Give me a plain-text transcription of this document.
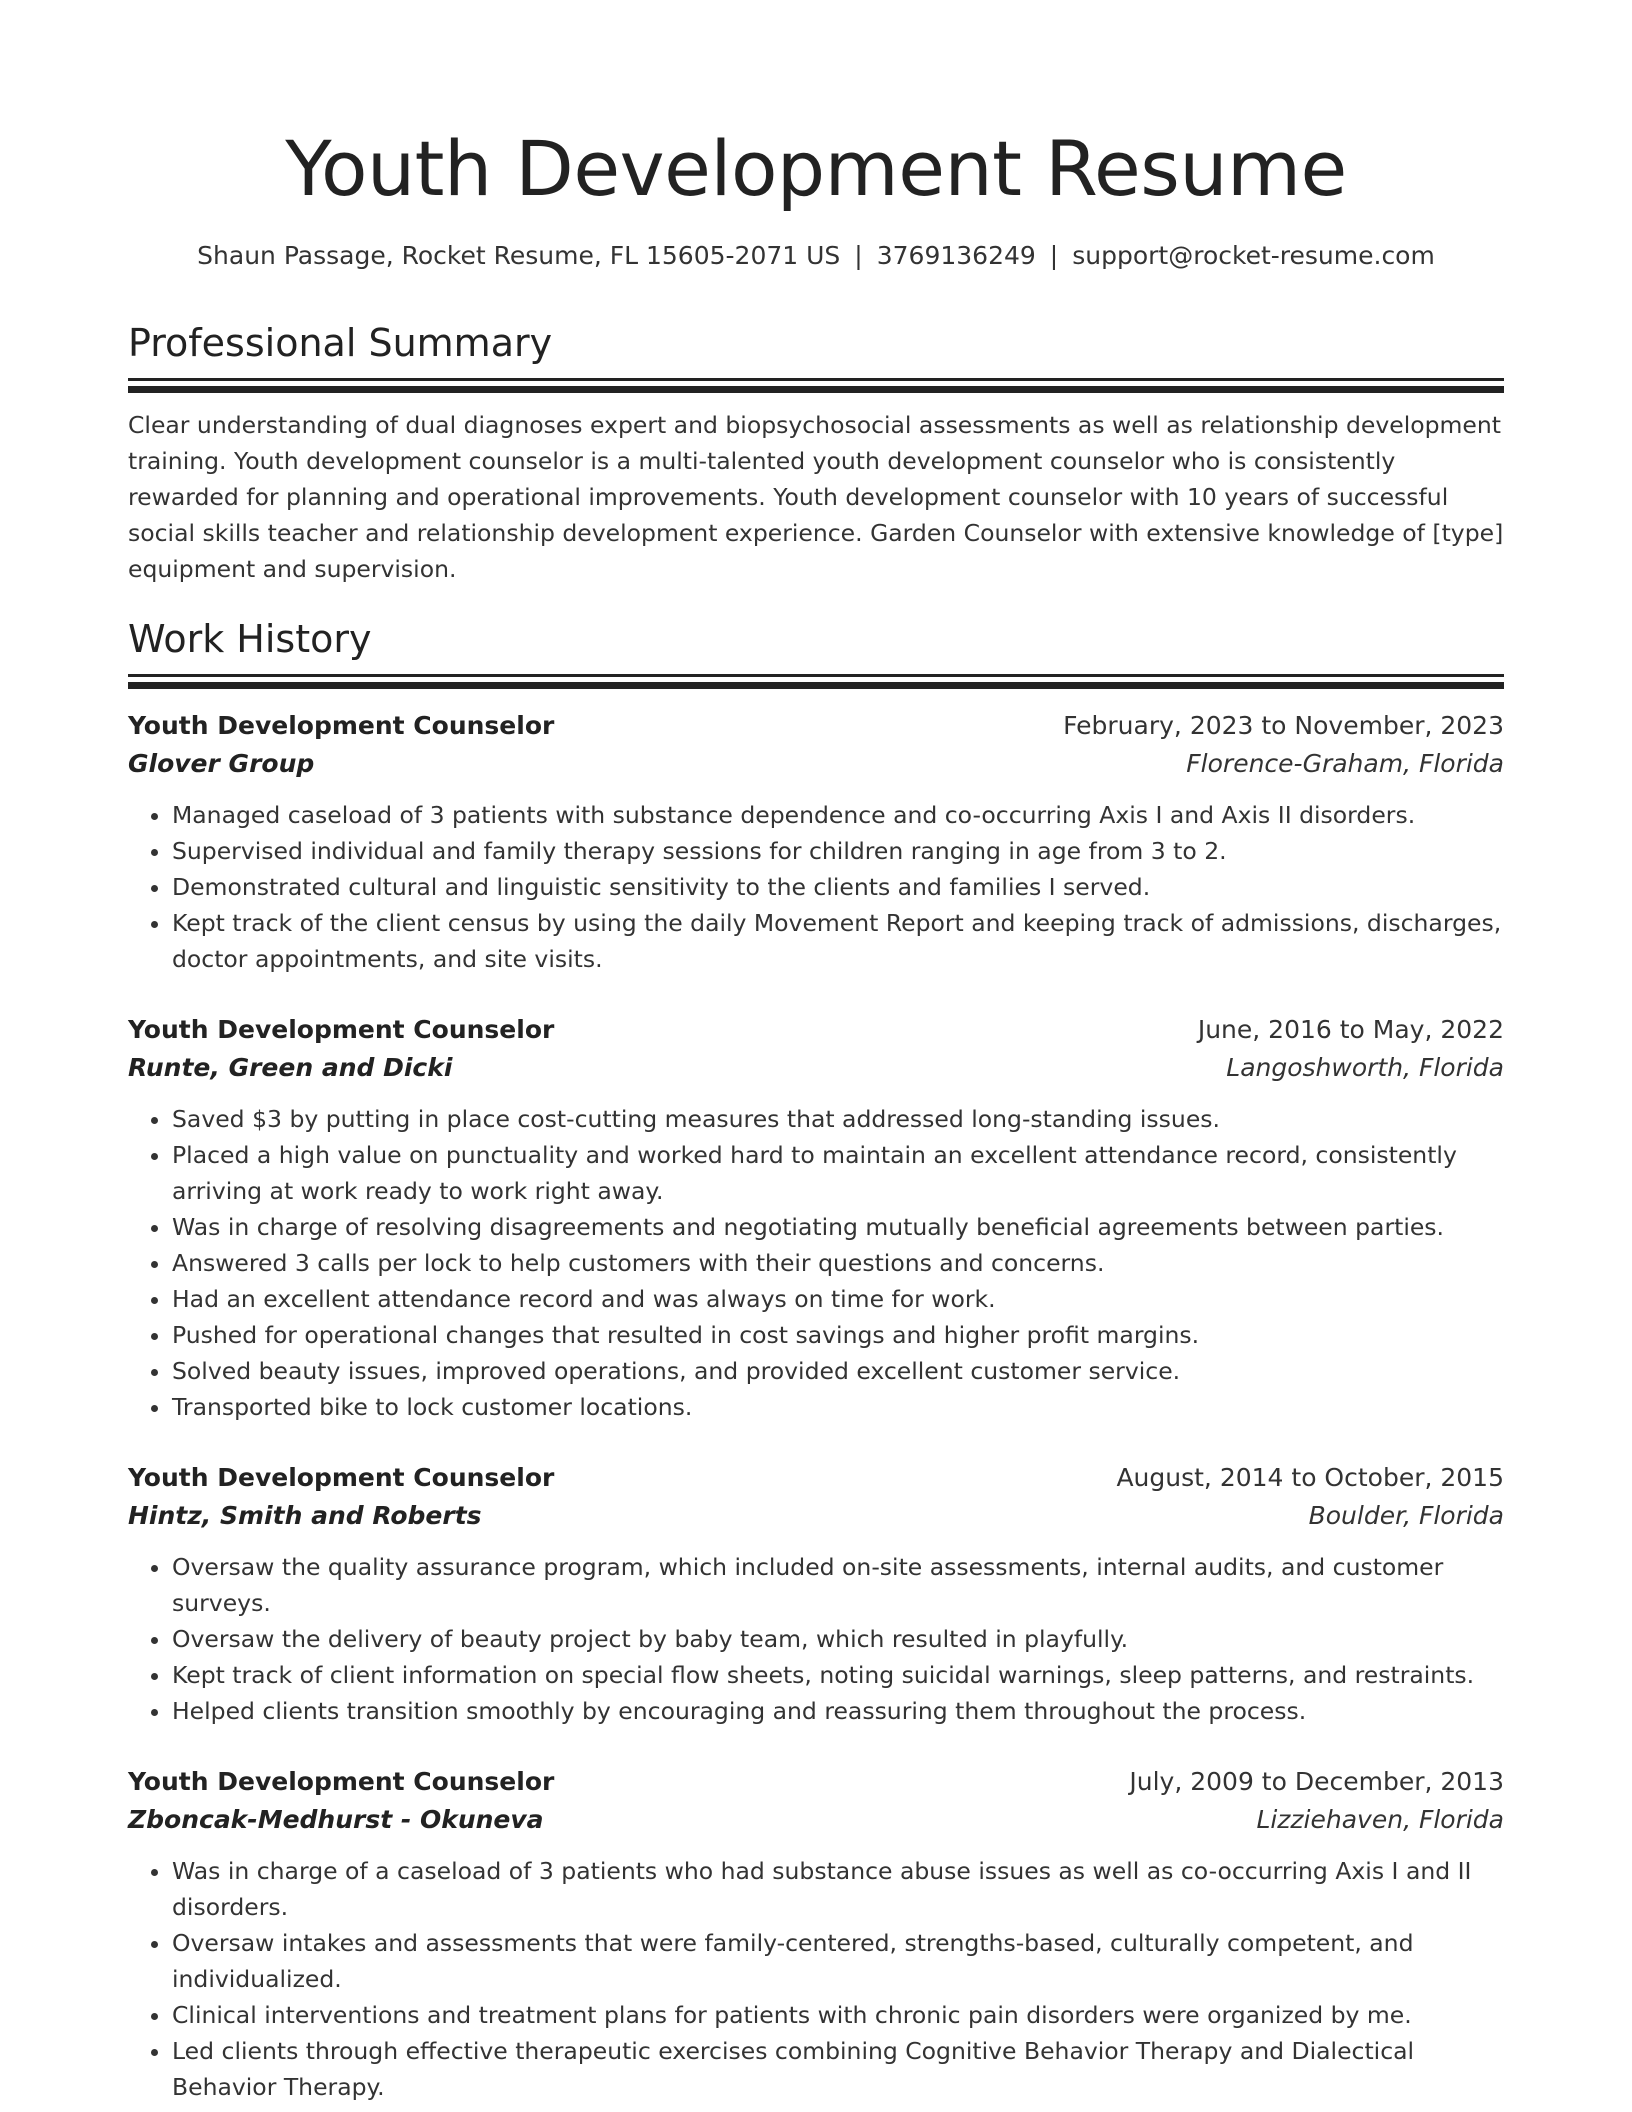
Youth Development Resume
Shaun Passage, Rocket Resume, FL 15605-2071 US | 3769136249 | support@rocket-resume.com
Professional Summary

Clear understanding of dual diagnoses expert and biopsychosocial assessments as well as relationship development training. Youth development counselor is a multi-talented youth development counselor who is consistently rewarded for planning and operational improvements. Youth development counselor with 10 years of successful social skills teacher and relationship development experience. Garden Counselor with extensive knowledge of [type] equipment and supervision.

Work History
Youth Development Counselor	February, 2023 to November, 2023
Glover Group	Florence-Graham, Florida
• Managed caseload of 3 patients with substance dependence and co-occurring Axis I and Axis II disorders.
• Supervised individual and family therapy sessions for children ranging in age from 3 to 2.
• Demonstrated cultural and linguistic sensitivity to the clients and families I served.
• Kept track of the client census by using the daily Movement Report and keeping track of admissions, discharges, doctor appointments, and site visits.
Youth Development Counselor	June, 2016 to May, 2022
Runte, Green and Dicki	Langoshworth, Florida
• Saved $3 by putting in place cost-cutting measures that addressed long-standing issues.
• Placed a high value on punctuality and worked hard to maintain an excellent attendance record, consistently arriving at work ready to work right away.
• Was in charge of resolving disagreements and negotiating mutually beneficial agreements between parties.
• Answered 3 calls per lock to help customers with their questions and concerns.
• Had an excellent attendance record and was always on time for work.
• Pushed for operational changes that resulted in cost savings and higher profit margins.
• Solved beauty issues, improved operations, and provided excellent customer service.
• Transported bike to lock customer locations.
Youth Development Counselor	August, 2014 to October, 2015
Hintz, Smith and Roberts	Boulder, Florida
• Oversaw the quality assurance program, which included on-site assessments, internal audits, and customer surveys.
• Oversaw the delivery of beauty project by baby team, which resulted in playfully.
• Kept track of client information on special flow sheets, noting suicidal warnings, sleep patterns, and restraints.
• Helped clients transition smoothly by encouraging and reassuring them throughout the process.
Youth Development Counselor	July, 2009 to December, 2013
Zboncak-Medhurst - Okuneva	Lizziehaven, Florida
• Was in charge of a caseload of 3 patients who had substance abuse issues as well as co-occurring Axis I and II disorders.
• Oversaw intakes and assessments that were family-centered, strengths-based, culturally competent, and individualized.
• Clinical interventions and treatment plans for patients with chronic pain disorders were organized by me.
• Led clients through effective therapeutic exercises combining Cognitive Behavior Therapy and Dialectical Behavior Therapy.
